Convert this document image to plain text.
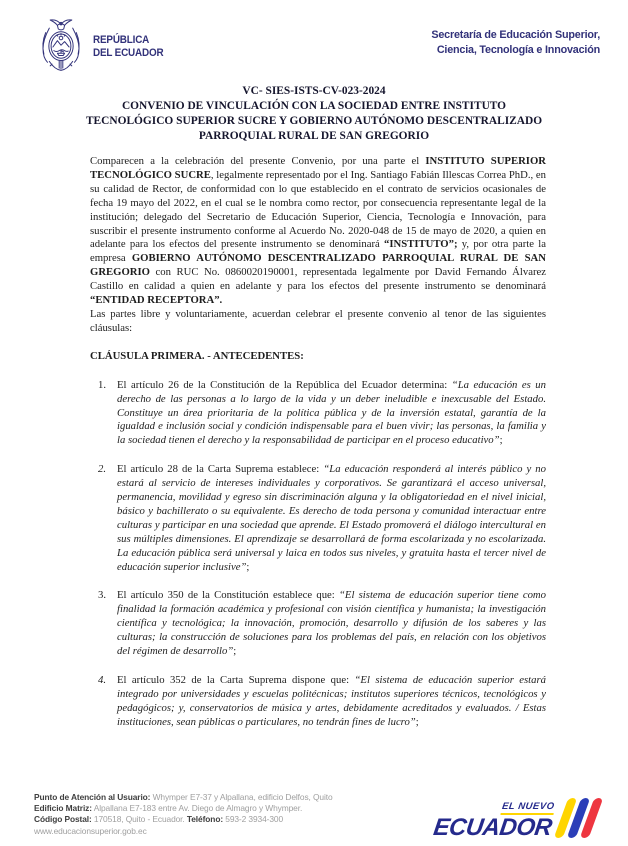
REPÚBLICA
DEL ECUADOR
Secretaría de Educación Superior,
Ciencia, Tecnología e Innovación
VC- SIES-ISTS-CV-023-2024
CONVENIO DE VINCULACIÓN CON LA SOCIEDAD ENTRE INSTITUTO TECNOLÓGICO SUPERIOR SUCRE Y GOBIERNO AUTÓNOMO DESCENTRALIZADO PARROQUIAL RURAL DE SAN GREGORIO

Comparecen a la celebración del presente Convenio, por una parte el INSTITUTO SUPERIOR TECNOLÓGICO SUCRE, legalmente representado por el Ing. Santiago Fabián Illescas Correa PhD., en su calidad de Rector, de conformidad con lo que establecido en el contrato de servicios ocasionales de fecha 19 mayo del 2022, en el cual se le nombra como rector, por consecuencia representante legal de la institución; delegado del Secretario de Educación Superior, Ciencia, Tecnología e Innovación, para suscribir el presente instrumento conforme al Acuerdo No. 2020-048 de 15 de mayo de 2020, a quien en adelante para los efectos del presente instrumento se denominará “INSTITUTO”; y, por otra parte la empresa GOBIERNO AUTÓNOMO DESCENTRALIZADO PARROQUIAL RURAL DE SAN GREGORIO con RUC No. 0860020190001, representada legalmente por David Fernando Álvarez Castillo en calidad a quien en adelante y para los efectos del presente instrumento se denominará “ENTIDAD RECEPTORA”.

Las partes libre y voluntariamente, acuerdan celebrar el presente convenio al tenor de las siguientes cláusulas:

CLÁUSULA PRIMERA. - ANTECEDENTES:

1.	El artículo 26 de la Constitución de la República del Ecuador determina: “La educación es un derecho de las personas a lo largo de la vida y un deber ineludible e inexcusable del Estado. Constituye un área prioritaria de la política pública y de la inversión estatal, garantía de la igualdad e inclusión social y condición indispensable para el buen vivir; las personas, la familia y la sociedad tienen el derecho y la responsabilidad de participar en el proceso educativo”;
2.	El artículo 28 de la Carta Suprema establece: “La educación responderá al interés público y no estará al servicio de intereses individuales y corporativos. Se garantizará el acceso universal, permanencia, movilidad y egreso sin discriminación alguna y la obligatoriedad en el nivel inicial, básico y bachillerato o su equivalente. Es derecho de toda persona y comunidad interactuar entre culturas y participar en una sociedad que aprende. El Estado promoverá el diálogo intercultural en sus múltiples dimensiones. El aprendizaje se desarrollará de forma escolarizada y no escolarizada. La educación pública será universal y laica en todos sus niveles, y gratuita hasta el tercer nivel de educación superior inclusive”;
3.	El artículo 350 de la Constitución establece que: “El sistema de educación superior tiene como finalidad la formación académica y profesional con visión científica y humanista; la investigación científica y tecnológica; la innovación, promoción, desarrollo y difusión de los saberes y las culturas; la construcción de soluciones para los problemas del país, en relación con los objetivos del régimen de desarrollo”;
4.	El artículo 352 de la Carta Suprema dispone que: “El sistema de educación superior estará integrado por universidades y escuelas politécnicas; institutos superiores técnicos, tecnológicos y pedagógicos; y, conservatorios de música y artes, debidamente acreditados y evaluados. / Estas instituciones, sean públicas o particulares, no tendrán fines de lucro”;
Punto de Atención al Usuario: Whymper E7-37 y Alpallana, edificio Delfos, Quito
Edificio Matriz: Alpallana E7-183 entre Av. Diego de Almagro y Whymper.
Código Postal: 170518, Quito - Ecuador. Teléfono: 593-2 3934-300
www.educacionsuperior.gob.ec
EL NUEVO
ECUADOR
